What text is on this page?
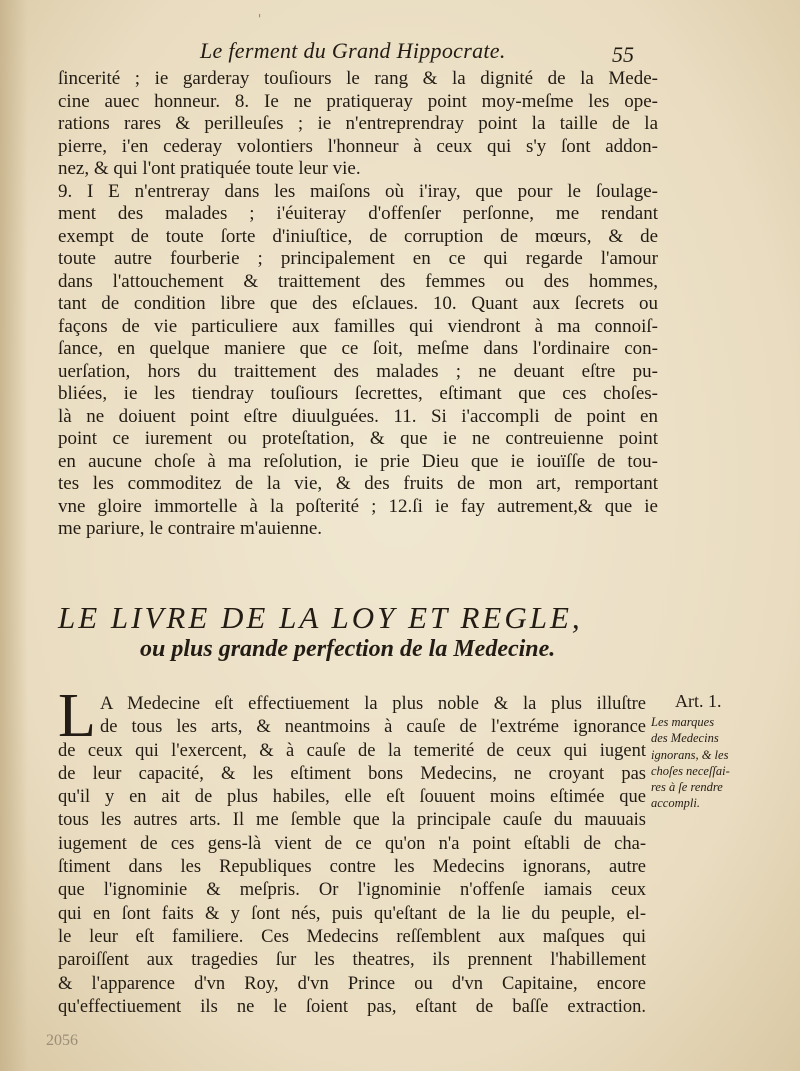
'
Le ferment du Grand Hippocrate.	55
ſincerité ; ie garderay touſiours le rang & la dignité de la Mede-
cine auec honneur. 8. Ie ne pratiqueray point moy-meſme les ope-
rations rares & perilleuſes ; ie n'entreprendray point la taille de la
pierre, i'en cederay volontiers l'honneur à ceux qui s'y ſont addon-
nez, & qui l'ont pratiquée toute leur vie.
9. I E n'entreray dans les maiſons où i'iray, que pour le ſoulage-
ment des malades ; i'éuiteray d'offenſer perſonne, me rendant
exempt de toute ſorte d'iniuſtice, de corruption de mœurs, & de
toute autre fourberie ; principalement en ce qui regarde l'amour
dans l'attouchement & traittement des femmes ou des hommes,
tant de condition libre que des eſclaues. 10. Quant aux ſecrets ou
façons de vie particuliere aux familles qui viendront à ma connoiſ-
ſance, en quelque maniere que ce ſoit, meſme dans l'ordinaire con-
uerſation, hors du traittement des malades ; ne deuant eſtre pu-
bliées, ie les tiendray touſiours ſecrettes, eſtimant que ces choſes-
là ne doiuent point eſtre diuulguées. 11. Si i'accompli de point en
point ce iurement ou proteſtation, & que ie ne contreuienne point
en aucune choſe à ma reſolution, ie prie Dieu que ie iouïſſe de tou-
tes les commoditez de la vie, & des fruits de mon art, remportant
vne gloire immortelle à la poſterité ; 12.ſi ie fay autrement,& que ie
me pariure, le contraire m'auienne.
LE LIVRE DE LA LOY ET REGLE,
ou plus grande perfection de la Medecine.
L A Medecine eſt effectiuement la plus noble & la plus illuſtre
de tous les arts, & neantmoins à cauſe de l'extréme ignorance
de ceux qui l'exercent, & à cauſe de la temerité de ceux qui iugent
de leur capacité, & les eſtiment bons Medecins, ne croyant pas
qu'il y en ait de plus habiles, elle eſt ſouuent moins eſtimée que
tous les autres arts. Il me ſemble que la principale cauſe du mauuais
iugement de ces gens-là vient de ce qu'on n'a point eſtabli de cha-
ſtiment dans les Republiques contre les Medecins ignorans, autre
que l'ignominie & meſpris. Or l'ignominie n'offenſe iamais ceux
qui en ſont faits & y ſont nés, puis qu'eſtant de la lie du peuple, el-
le leur eſt familiere. Ces Medecins reſſemblent aux maſques qui
paroiſſent aux tragedies ſur les theatres, ils prennent l'habillement
& l'apparence d'vn Roy, d'vn Prince ou d'vn Capitaine, encore
qu'effectiuement ils ne le ſoient pas, eſtant de baſſe extraction.
Art. 1.
Les marques
des Medecins
ignorans, & les
choſes neceſſai-
res à ſe rendre
accompli.
2056
